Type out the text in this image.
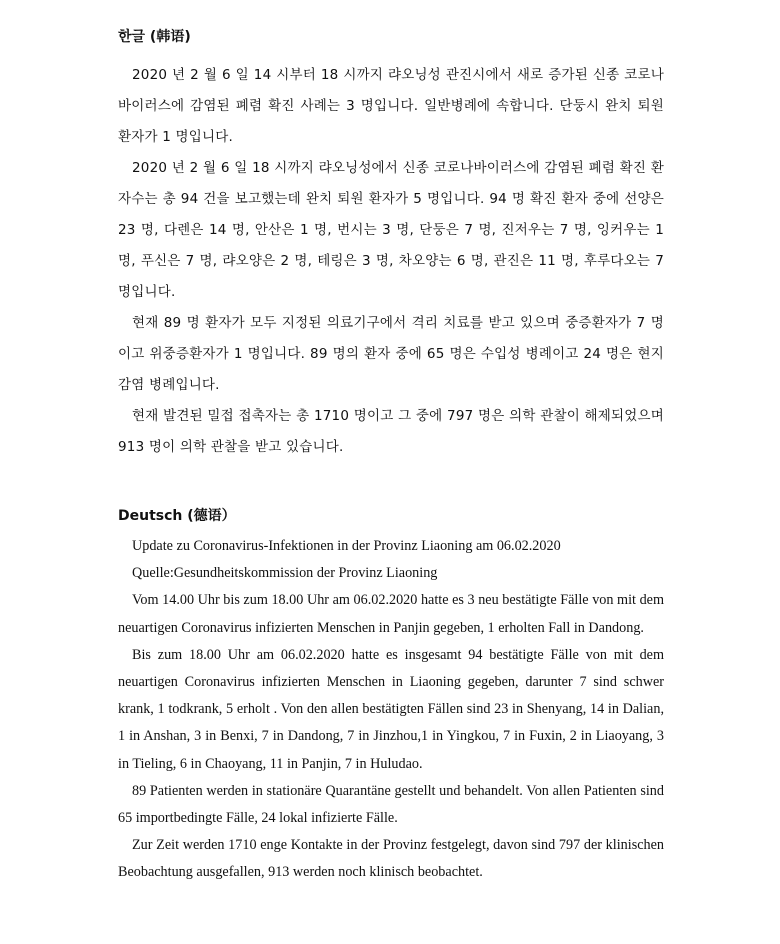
한글 (韩语)

2020 년 2 월 6 일 14 시부터 18 시까지 랴오닝성 관진시에서 새로 증가된 신종 코로나바이러스에 감염된 폐렴 확진 사례는 3 명입니다. 일반병례에 속합니다. 단둥시 완치 퇴원 환자가 1 명입니다.

2020 년 2 월 6 일 18 시까지 랴오닝성에서 신종 코로나바이러스에 감염된 폐렴 확진 환자수는 총 94 건을 보고했는데 완치 퇴원 환자가 5 명입니다. 94 명 확진 환자 중에 선양은 23 명, 다렌은 14 명, 안산은 1 명, 번시는 3 명, 단둥은 7 명, 진저우는 7 명, 잉커우는 1 명, 푸신은 7 명, 랴오양은 2 명, 테링은 3 명, 차오양는 6 명, 관진은 11 명, 후루다오는 7 명입니다.

현재 89 명 환자가 모두 지정된 의료기구에서 격리 치료를 받고 있으며 중증환자가 7 명이고 위중증환자가 1 명입니다. 89 명의 환자 중에 65 명은 수입성 병례이고 24 명은 현지 감염 병례입니다.

현재 발견된 밀접 접촉자는 총 1710 명이고 그 중에 797 명은 의학 관찰이 해제되었으며 913 명이 의학 관찰을 받고 있습니다.

Deutsch (德语）

Update zu Coronavirus-Infektionen in der Provinz Liaoning am 06.02.2020

Quelle:Gesundheitskommission der Provinz Liaoning

Vom 14.00 Uhr bis zum 18.00 Uhr am 06.02.2020 hatte es 3 neu bestätigte Fälle von mit dem neuartigen Coronavirus infizierten Menschen in Panjin gegeben, 1 erholten Fall in Dandong.

Bis zum 18.00 Uhr am 06.02.2020 hatte es insgesamt 94 bestätigte Fälle von mit dem neuartigen Coronavirus infizierten Menschen in Liaoning gegeben, darunter 7 sind schwer krank, 1 todkrank, 5 erholt . Von den allen bestätigten Fällen sind 23 in Shenyang, 14 in Dalian, 1 in Anshan, 3 in Benxi, 7 in Dandong, 7 in Jinzhou,1 in Yingkou, 7 in Fuxin, 2 in Liaoyang, 3 in Tieling, 6 in Chaoyang, 11 in Panjin, 7 in Huludao.

89 Patienten werden in stationäre Quarantäne gestellt und behandelt. Von allen Patienten sind 65 importbedingte Fälle, 24 lokal infizierte Fälle.

Zur Zeit werden 1710 enge Kontakte in der Provinz festgelegt, davon sind 797 der klinischen Beobachtung ausgefallen, 913 werden noch klinisch beobachtet.
